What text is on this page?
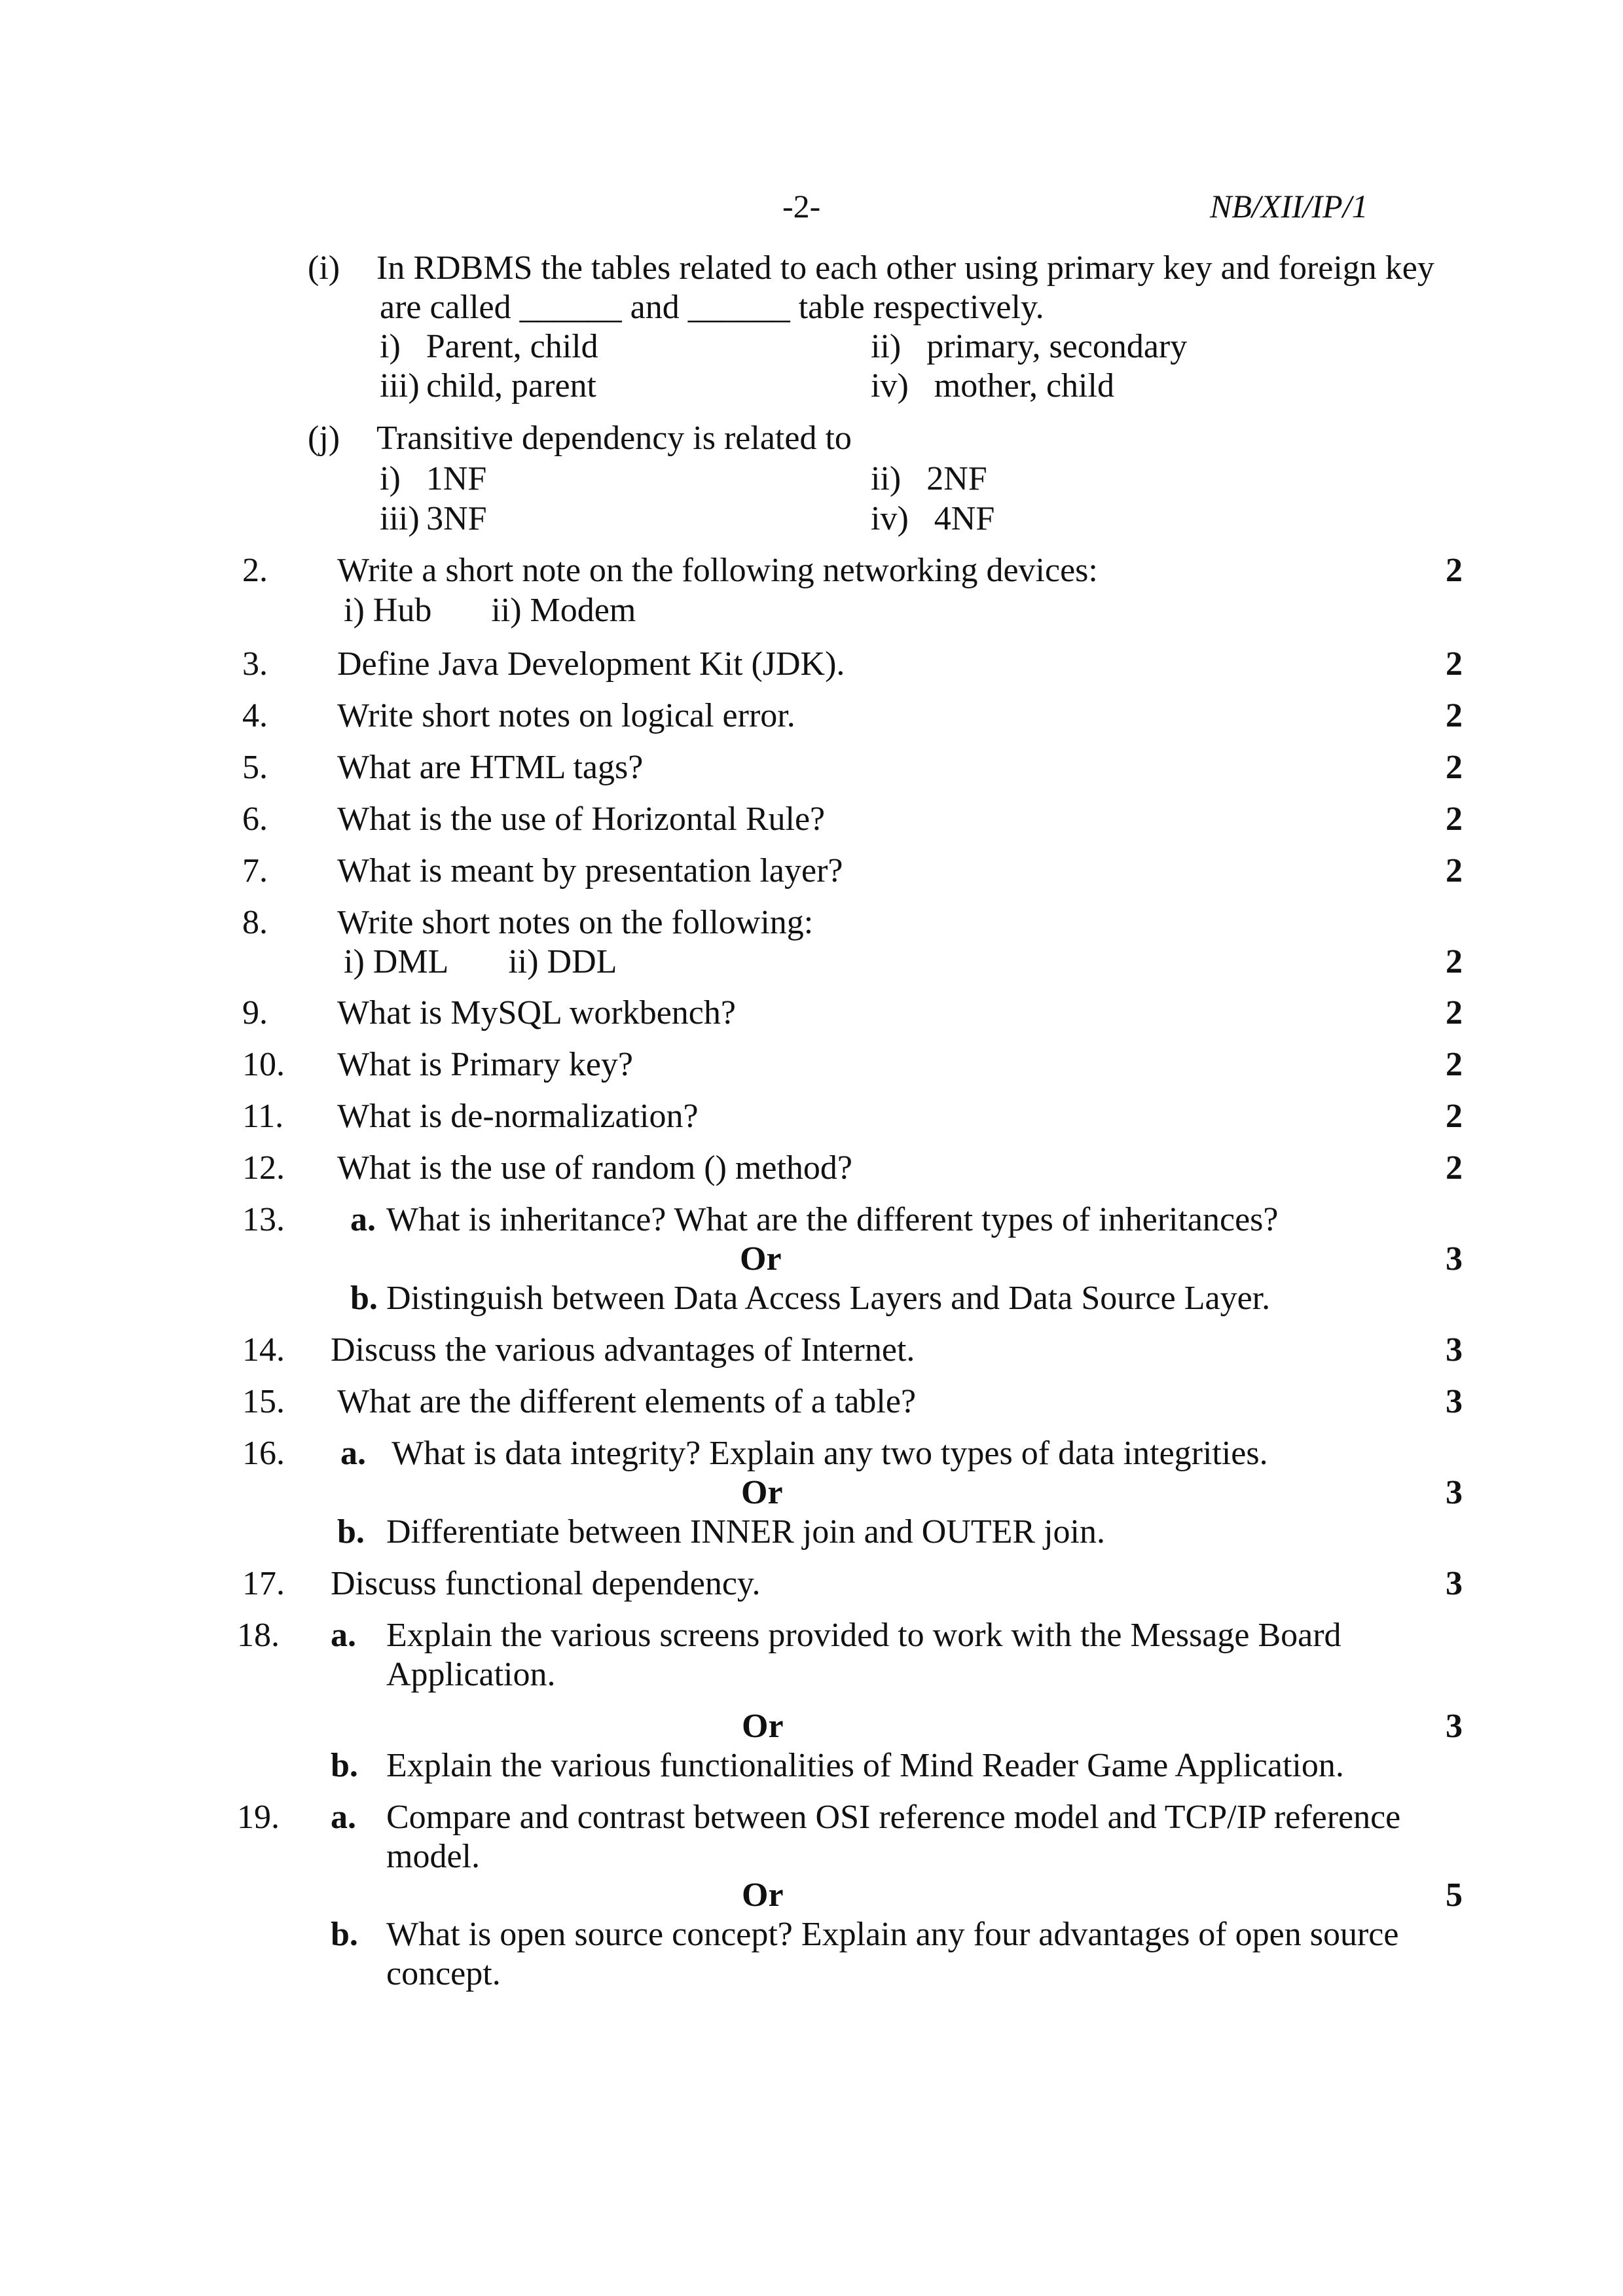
-2-	NB/XII/IP/1
(i) In RDBMS the tables related to each other using primary key and foreign key
are called ______ and ______ table respectively.
i)  Parent, child	ii)  primary, secondary
iii) child, parent	iv)  mother, child
(j) Transitive dependency is related to
i)  1NF	ii)  2NF
iii) 3NF	iv)  4NF
2. Write a short note on the following networking devices:
i) Hub   ii) Modem
2
3. Define Java Development Kit (JDK).	2
4. Write short notes on logical error.	2
5. What are HTML tags?	2
6. What is the use of Horizontal Rule?	2
7. What is meant by presentation layer?	2
8. Write short notes on the following:
i) DML   ii) DDL	2
9. What is MySQL workbench?	2
10. What is Primary key?	2
11. What is de-normalization?	2
12. What is the use of random () method?	2
13. a. What is inheritance? What are the different types of inheritances?
Or	3
b. Distinguish between Data Access Layers and Data Source Layer.
14. Discuss the various advantages of Internet.	3
15. What are the different elements of a table?	3
16. a. What is data integrity? Explain any two types of data integrities.
Or	3
b. Differentiate between INNER join and OUTER join.
17. Discuss functional dependency.	3
18. a. Explain the various screens provided to work with the Message Board
Application.
Or	3
b. Explain the various functionalities of Mind Reader Game Application.
19. a. Compare and contrast between OSI reference model and TCP/IP reference
model.
Or	5
b. What is open source concept? Explain any four advantages of open source
concept.
